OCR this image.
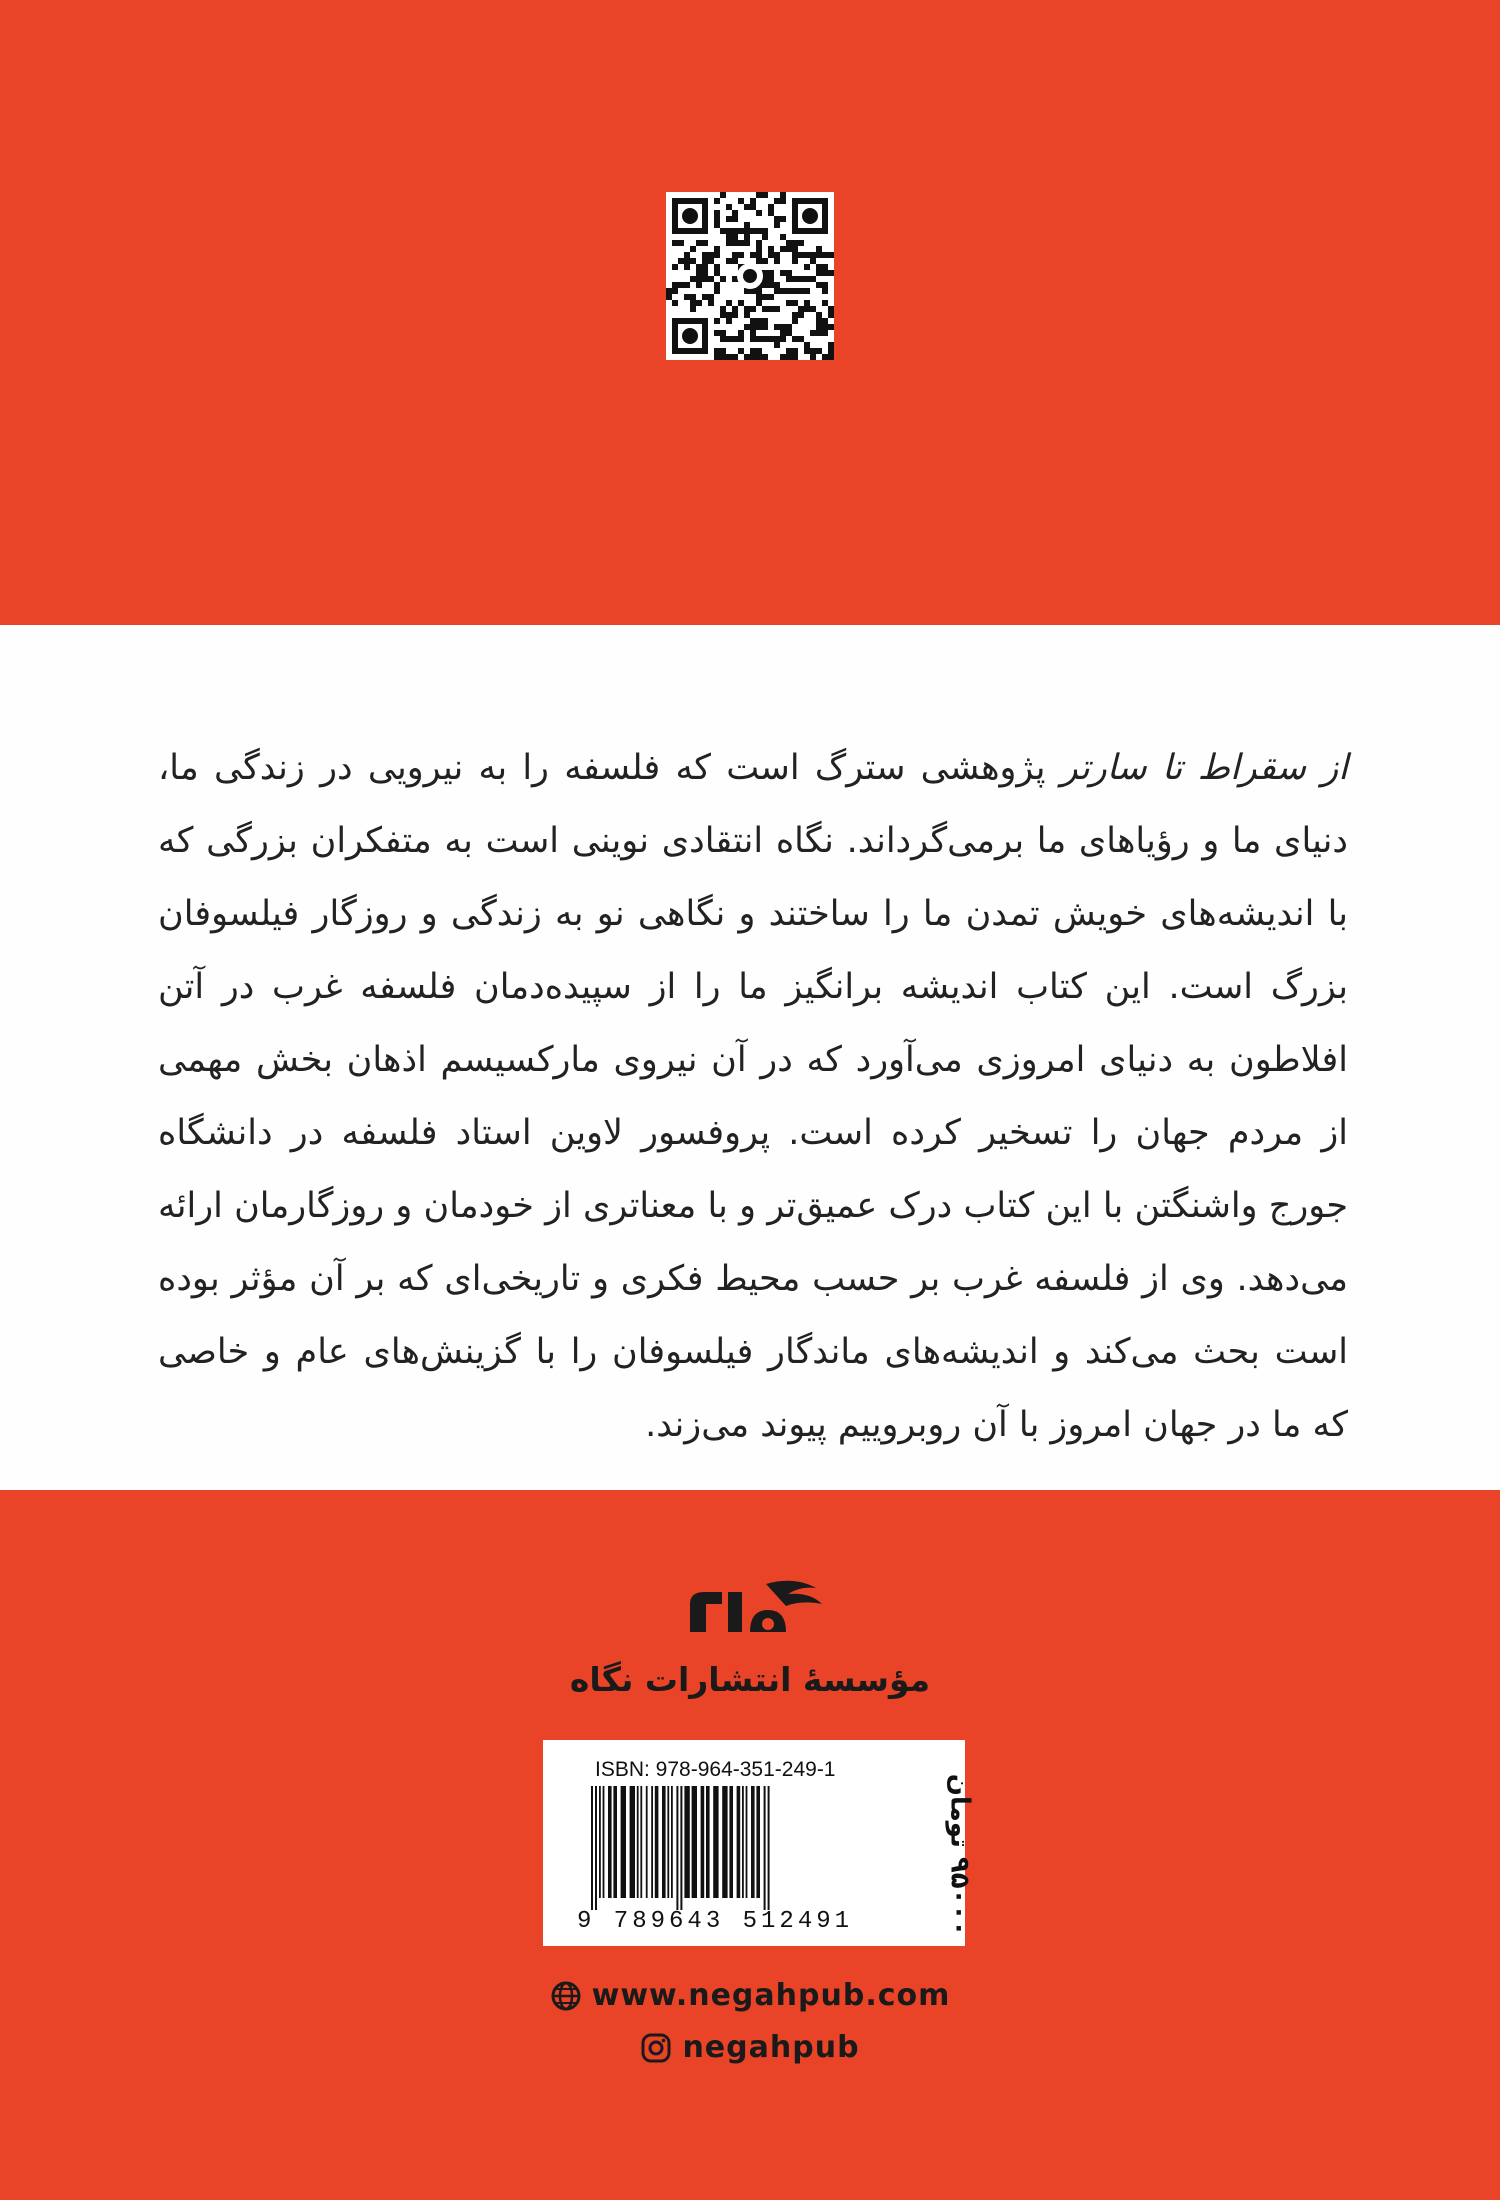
از سقراط تا سارتر پژوهشی سترگ است که فلسفه را به نیرویی در زندگی ما، دنیای ما و رؤیاهای ما برمی‌گرداند. نگاه انتقادی نوینی است به متفکران بزرگی که با اندیشه‌های خویش تمدن ما را ساختند و نگاهی نو به زندگی و روزگار فیلسوفان بزرگ است. این کتاب اندیشه برانگیز ما را از سپیده‌دمان فلسفه غرب در آتن افلاطون به دنیای امروزی می‌آورد که در آن نیروی مارکسیسم اذهان بخش مهمی از مردم جهان را تسخیر کرده است. پروفسور لاوین استاد فلسفه در دانشگاه جورج واشنگتن با این کتاب درک عمیق‌تر و با معناتری از خودمان و روزگارمان ارائه می‌دهد. وی از فلسفه غرب بر حسب محیط فکری و تاریخی‌ای که بر آن مؤثر بوده است بحث می‌کند و اندیشه‌های ماندگار فیلسوفان را با گزینش‌های عام و خاصی که ما در جهان امروز با آن روبروییم پیوند می‌زند.

مؤسسهٔ انتشارات نگاه
ISBN: 978-964-351-249-1
9 789643 512491
۹۵۰۰۰ تومان
www.negahpub.com
negahpub
